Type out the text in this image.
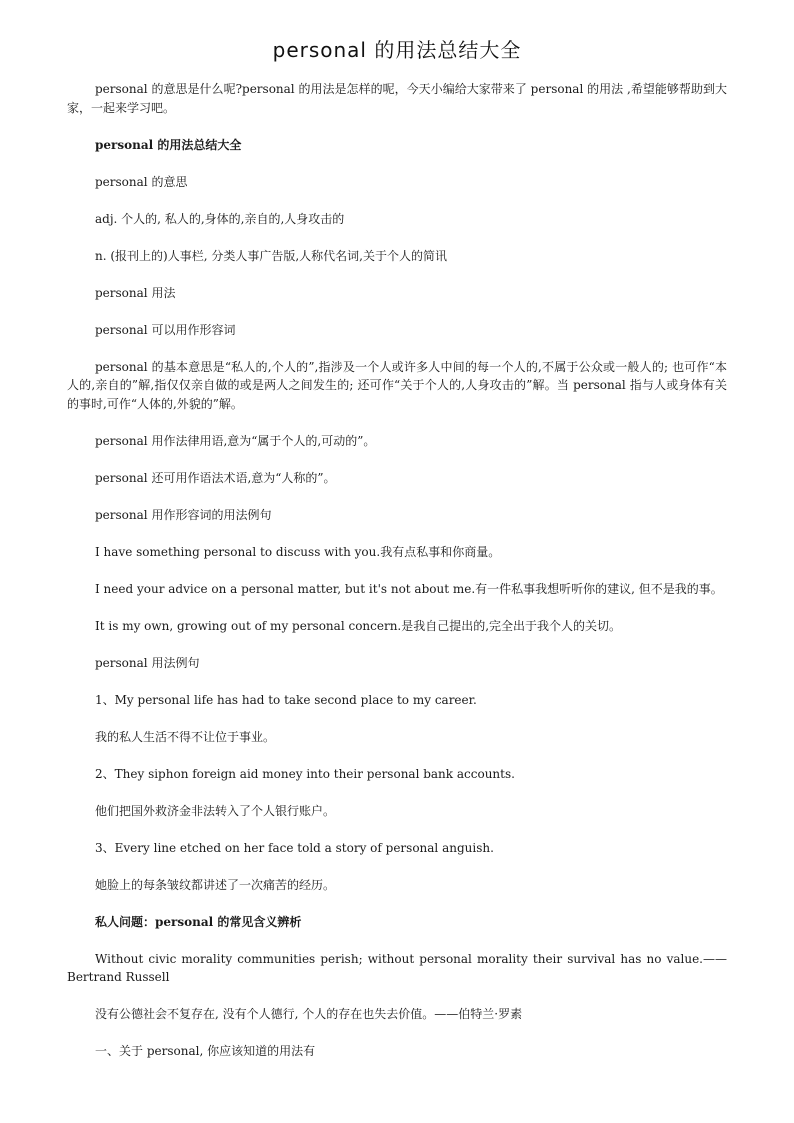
personal 的用法总结大全

personal 的意思是什么呢?personal 的用法是怎样的呢，今天小编给大家带来了 personal 的用法 ,希望能够帮助到大家，一起来学习吧。

personal 的用法总结大全

personal 的意思

adj. 个人的, 私人的,身体的,亲自的,人身攻击的

n. (报刊上的)人事栏, 分类人事广告版,人称代名词,关于个人的简讯

personal 用法

personal 可以用作形容词

personal 的基本意思是“私人的,个人的”,指涉及一个人或许多人中间的每一个人的,不属于公众或一般人的; 也可作“本人的,亲自的”解,指仅仅亲自做的或是两人之间发生的; 还可作“关于个人的,人身攻击的”解。当 personal 指与人或身体有关的事时,可作“人体的,外貌的”解。

personal 用作法律用语,意为“属于个人的,可动的”。

personal 还可用作语法术语,意为“人称的”。

personal 用作形容词的用法例句

I have something personal to discuss with you.我有点私事和你商量。

I need your advice on a personal matter, but it's not about me.有一件私事我想听听你的建议, 但不是我的事。

It is my own, growing out of my personal concern.是我自己提出的,完全出于我个人的关切。

personal 用法例句

1、My personal life has had to take second place to my career.

我的私人生活不得不让位于事业。

2、They siphon foreign aid money into their personal bank accounts.

他们把国外救济金非法转入了个人银行账户。

3、Every line etched on her face told a story of personal anguish.

她脸上的每条皱纹都讲述了一次痛苦的经历。

私人问题：personal 的常见含义辨析

Without civic morality communities perish; without personal morality their survival has no value.——Bertrand Russell

没有公德社会不复存在, 没有个人德行, 个人的存在也失去价值。——伯特兰·罗素

一、关于 personal, 你应该知道的用法有
